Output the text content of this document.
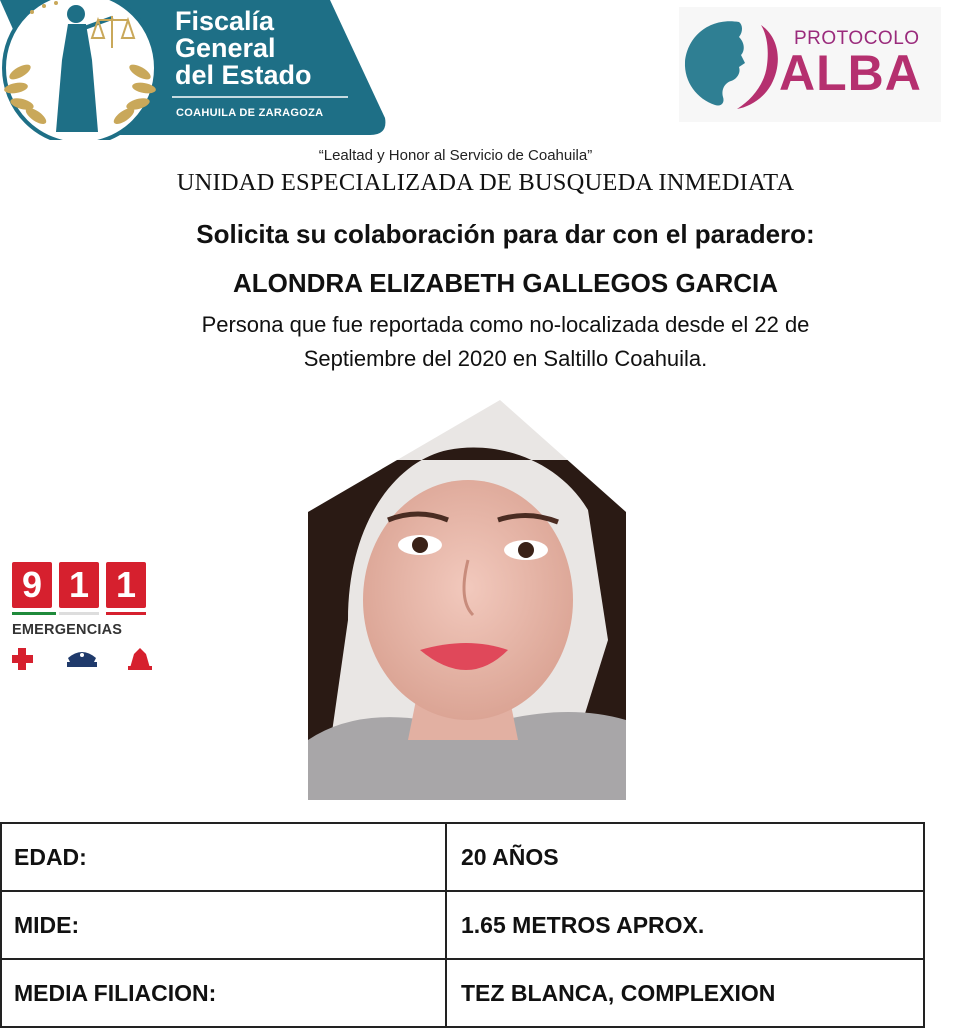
Fiscalía
General
del Estado
COAHUILA DE ZARAGOZA
PROTOCOLO
ALBA
“Lealtad y Honor al Servicio de Coahuila”
UNIDAD ESPECIALIZADA DE BUSQUEDA INMEDIATA
Solicita su colaboración para dar con el paradero:
ALONDRA ELIZABETH GALLEGOS GARCIA
Persona que fue reportada como no-localizada desde el 22 de
Septiembre del 2020 en Saltillo Coahuila.
9 1 1
EMERGENCIAS
EDAD:	20 AÑOS
MIDE:	1.65 METROS APROX.
MEDIA FILIACION:	TEZ BLANCA, COMPLEXION
